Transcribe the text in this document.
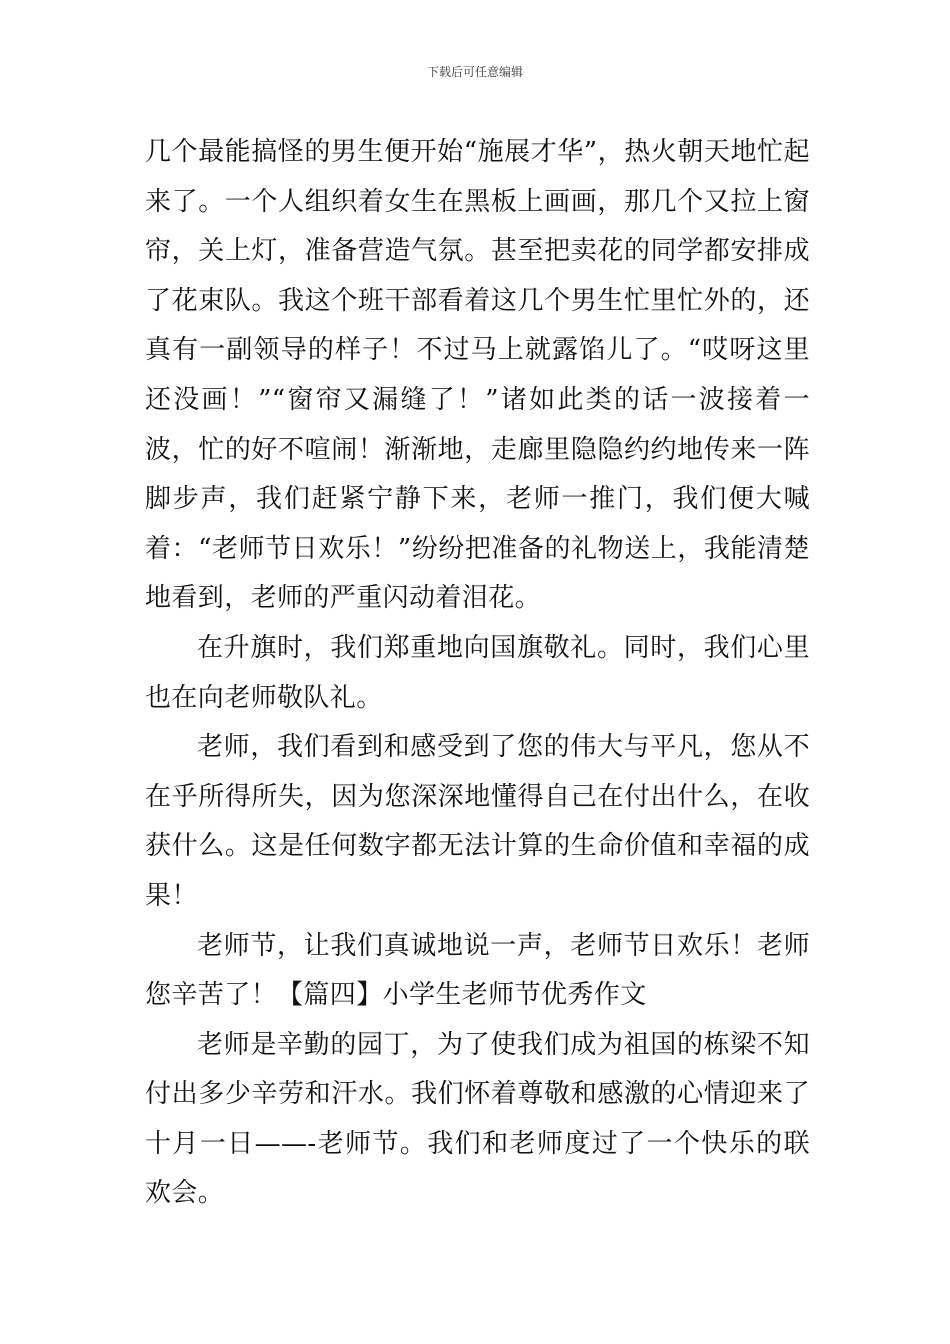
下载后可任意编辑

几个最能搞怪的男生便开始“施展才华”，热火朝天地忙起来了。一个人组织着女生在黑板上画画，那几个又拉上窗帘，关上灯，准备营造气氛。甚至把卖花的同学都安排成了花束队。我这个班干部看着这几个男生忙里忙外的，还真有一副领导的样子！不过马上就露馅儿了。“哎呀这里还没画！”“窗帘又漏缝了！”诸如此类的话一波接着一波，忙的好不喧闹！渐渐地，走廊里隐隐约约地传来一阵脚步声，我们赶紧宁静下来，老师一推门，我们便大喊着：“老师节日欢乐！”纷纷把准备的礼物送上，我能清楚地看到，老师的严重闪动着泪花。

在升旗时，我们郑重地向国旗敬礼。同时，我们心里也在向老师敬队礼。

老师，我们看到和感受到了您的伟大与平凡，您从不在乎所得所失，因为您深深地懂得自己在付出什么，在收获什么。这是任何数字都无法计算的生命价值和幸福的成果！

老师节，让我们真诚地说一声，老师节日欢乐！老师您辛苦了！【篇四】小学生老师节优秀作文

老师是辛勤的园丁，为了使我们成为祖国的栋梁不知付出多少辛劳和汗水。我们怀着尊敬和感激的心情迎来了十月一日——-老师节。我们和老师度过了一个快乐的联欢会。
